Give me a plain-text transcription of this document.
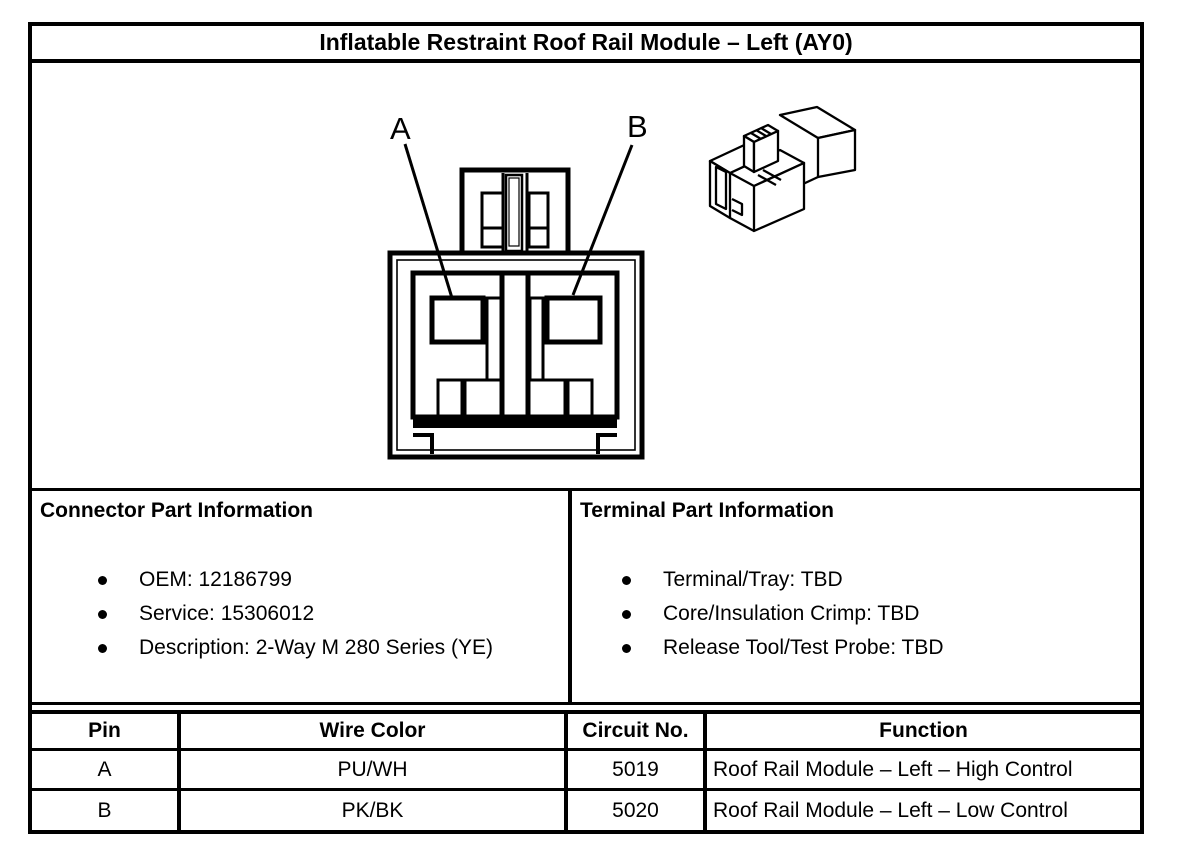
Inflatable Restraint Roof Rail Module – Left (AY0)
A	B
Connector Part Information
OEM: 12186799
Service: 15306012
Description: 2-Way M 280 Series (YE)
Terminal Part Information
Terminal/Tray: TBD
Core/Insulation Crimp: TBD
Release Tool/Test Probe: TBD
Pin	Wire Color	Circuit No.	Function
A	PU/WH	5019	Roof Rail Module – Left – High Control
B	PK/BK	5020	Roof Rail Module – Left – Low Control
